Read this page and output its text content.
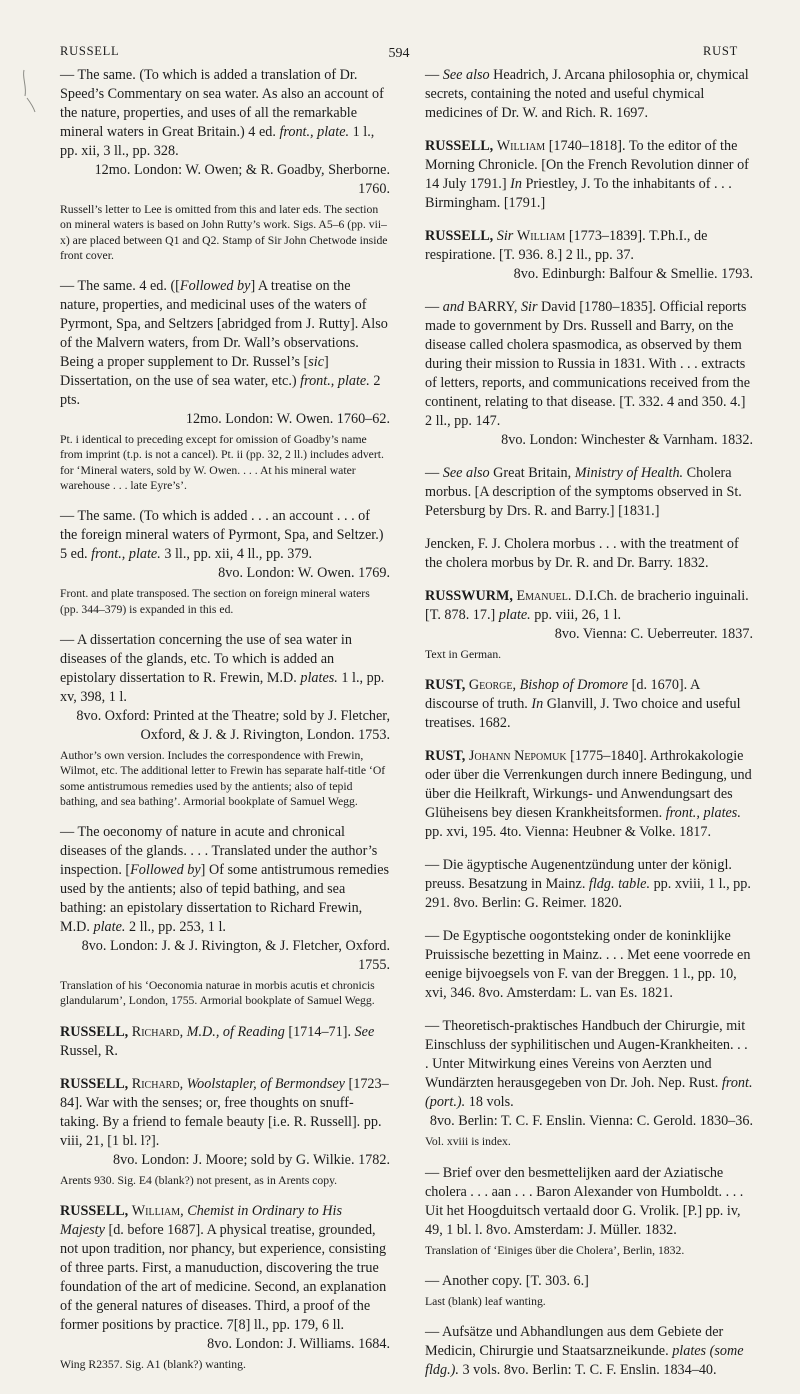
RUSSELL	594	RUST

— The same. (To which is added a translation of Dr. Speed’s Commentary on sea water. As also an account of the nature, properties, and uses of all the remarkable mineral waters in Great Britain.) 4 ed. front., plate. 1 l., pp. xii, 3 ll., pp. 328.

12mo. London: W. Owen; & R. Goadby, Sherborne. 1760.
Russell’s letter to Lee is omitted from this and later eds. The section on mineral waters is based on John Rutty’s work. Sigs. A5–6 (pp. vii–x) are placed between Q1 and Q2. Stamp of Sir John Chetwode inside front cover.

— The same. 4 ed. ([Followed by] A treatise on the nature, properties, and medicinal uses of the waters of Pyrmont, Spa, and Seltzers [abridged from J. Rutty]. Also of the Malvern waters, from Dr. Wall’s observations. Being a proper supplement to Dr. Russel’s [sic] Dissertation, on the use of sea water, etc.) front., plate. 2 pts.

12mo. London: W. Owen. 1760–62.
Pt. i identical to preceding except for omission of Goadby’s name from imprint (t.p. is not a cancel). Pt. ii (pp. 32, 2 ll.) includes advert. for ‘Mineral waters, sold by W. Owen. . . . At his mineral water warehouse . . . late Eyre’s’.

— The same. (To which is added . . . an account . . . of the foreign mineral waters of Pyrmont, Spa, and Seltzer.) 5 ed. front., plate. 3 ll., pp. xii, 4 ll., pp. 379.

8vo. London: W. Owen. 1769.
Front. and plate transposed. The section on foreign mineral waters (pp. 344–379) is expanded in this ed.

— A dissertation concerning the use of sea water in diseases of the glands, etc. To which is added an epistolary dissertation to R. Frewin, M.D. plates. 1 l., pp. xv, 398, 1 l.

8vo. Oxford: Printed at the Theatre; sold by J. Fletcher, Oxford, & J. & J. Rivington, London. 1753.
Author’s own version. Includes the correspondence with Frewin, Wilmot, etc. The additional letter to Frewin has separate half-title ‘Of some antistrumous remedies used by the antients; also of tepid bathing, and sea bathing’. Armorial bookplate of Samuel Wegg.

— The oeconomy of nature in acute and chronical diseases of the glands. . . . Translated under the author’s inspection. [Followed by] Of some antistrumous remedies used by the antients; also of tepid bathing, and sea bathing: an epistolary dissertation to Richard Frewin, M.D. plate. 2 ll., pp. 253, 1 l.

8vo. London: J. & J. Rivington, & J. Fletcher, Oxford. 1755.
Translation of his ‘Oeconomia naturae in morbis acutis et chronicis glandularum’, London, 1755. Armorial bookplate of Samuel Wegg.

RUSSELL, Richard, M.D., of Reading [1714–71]. See Russel, R.

RUSSELL, Richard, Woolstapler, of Bermondsey [1723–84]. War with the senses; or, free thoughts on snuff-taking. By a friend to female beauty [i.e. R. Russell]. pp. viii, 21, [1 bl. l?].

8vo. London: J. Moore; sold by G. Wilkie. 1782.
Arents 930. Sig. E4 (blank?) not present, as in Arents copy.

RUSSELL, William, Chemist in Ordinary to His Majesty [d. before 1687]. A physical treatise, grounded, not upon tradition, nor phancy, but experience, consisting of three parts. First, a manuduction, discovering the true foundation of the art of medicine. Second, an explanation of the general natures of diseases. Third, a proof of the former positions by practice. 7[8] ll., pp. 179, 6 ll.

8vo. London: J. Williams. 1684.
Wing R2357. Sig. A1 (blank?) wanting.

— See also Headrich, J. Arcana philosophia or, chymical secrets, containing the noted and useful chymical medicines of Dr. W. and Rich. R. 1697.

RUSSELL, William [1740–1818]. To the editor of the Morning Chronicle. [On the French Revolution dinner of 14 July 1791.] In Priestley, J. To the inhabitants of . . . Birmingham. [1791.]

RUSSELL, Sir William [1773–1839]. T.Ph.I., de respiratione. [T. 936. 8.] 2 ll., pp. 37.

8vo. Edinburgh: Balfour & Smellie. 1793.

— and BARRY, Sir David [1780–1835]. Official reports made to government by Drs. Russell and Barry, on the disease called cholera spasmodica, as observed by them during their mission to Russia in 1831. With . . . extracts of letters, reports, and communications received from the continent, relating to that disease. [T. 332. 4 and 350. 4.] 2 ll., pp. 147.

8vo. London: Winchester & Varnham. 1832.

— See also Great Britain, Ministry of Health. Cholera morbus. [A description of the symptoms observed in St. Petersburg by Drs. R. and Barry.] [1831.]

Jencken, F. J. Cholera morbus . . . with the treatment of the cholera morbus by Dr. R. and Dr. Barry. 1832.

RUSSWURM, Emanuel. D.I.Ch. de bracherio inguinali. [T. 878. 17.] plate. pp. viii, 26, 1 l.

8vo. Vienna: C. Ueberreuter. 1837.
Text in German.

RUST, George, Bishop of Dromore [d. 1670]. A discourse of truth. In Glanvill, J. Two choice and useful treatises. 1682.

RUST, Johann Nepomuk [1775–1840]. Arthrokakologie oder über die Verrenkungen durch innere Bedingung, und über die Heilkraft, Wirkungs- und Anwendungsart des Glüheisens bey diesen Krankheitsformen. front., plates. pp. xvi, 195. 4to. Vienna: Heubner & Volke. 1817.

— Die ägyptische Augenentzündung unter der königl. preuss. Besatzung in Mainz. fldg. table. pp. xviii, 1 l., pp. 291. 8vo. Berlin: G. Reimer. 1820.

— De Egyptische oogontsteking onder de koninklijke Pruissische bezetting in Mainz. . . . Met eene voorrede en eenige bijvoegsels von F. van der Breggen. 1 l., pp. 10, xvi, 346. 8vo. Amsterdam: L. van Es. 1821.

— Theoretisch-praktisches Handbuch der Chirurgie, mit Einschluss der syphilitischen und Augen-Krankheiten. . . . Unter Mitwirkung eines Vereins von Aerzten und Wundärzten herausgegeben von Dr. Joh. Nep. Rust. front. (port.). 18 vols.

8vo. Berlin: T. C. F. Enslin. Vienna: C. Gerold. 1830–36.
Vol. xviii is index.

— Brief over den besmettelijken aard der Aziatische cholera . . . aan . . . Baron Alexander von Humboldt. . . . Uit het Hoogduitsch vertaald door G. Vrolik. [P.] pp. iv, 49, 1 bl. l. 8vo. Amsterdam: J. Müller. 1832.

Translation of ‘Einiges über die Cholera’, Berlin, 1832.

— Another copy. [T. 303. 6.]

Last (blank) leaf wanting.

— Aufsätze und Abhandlungen aus dem Gebiete der Medicin, Chirurgie und Staatsarzneikunde. plates (some fldg.). 3 vols. 8vo. Berlin: T. C. F. Enslin. 1834–40.
